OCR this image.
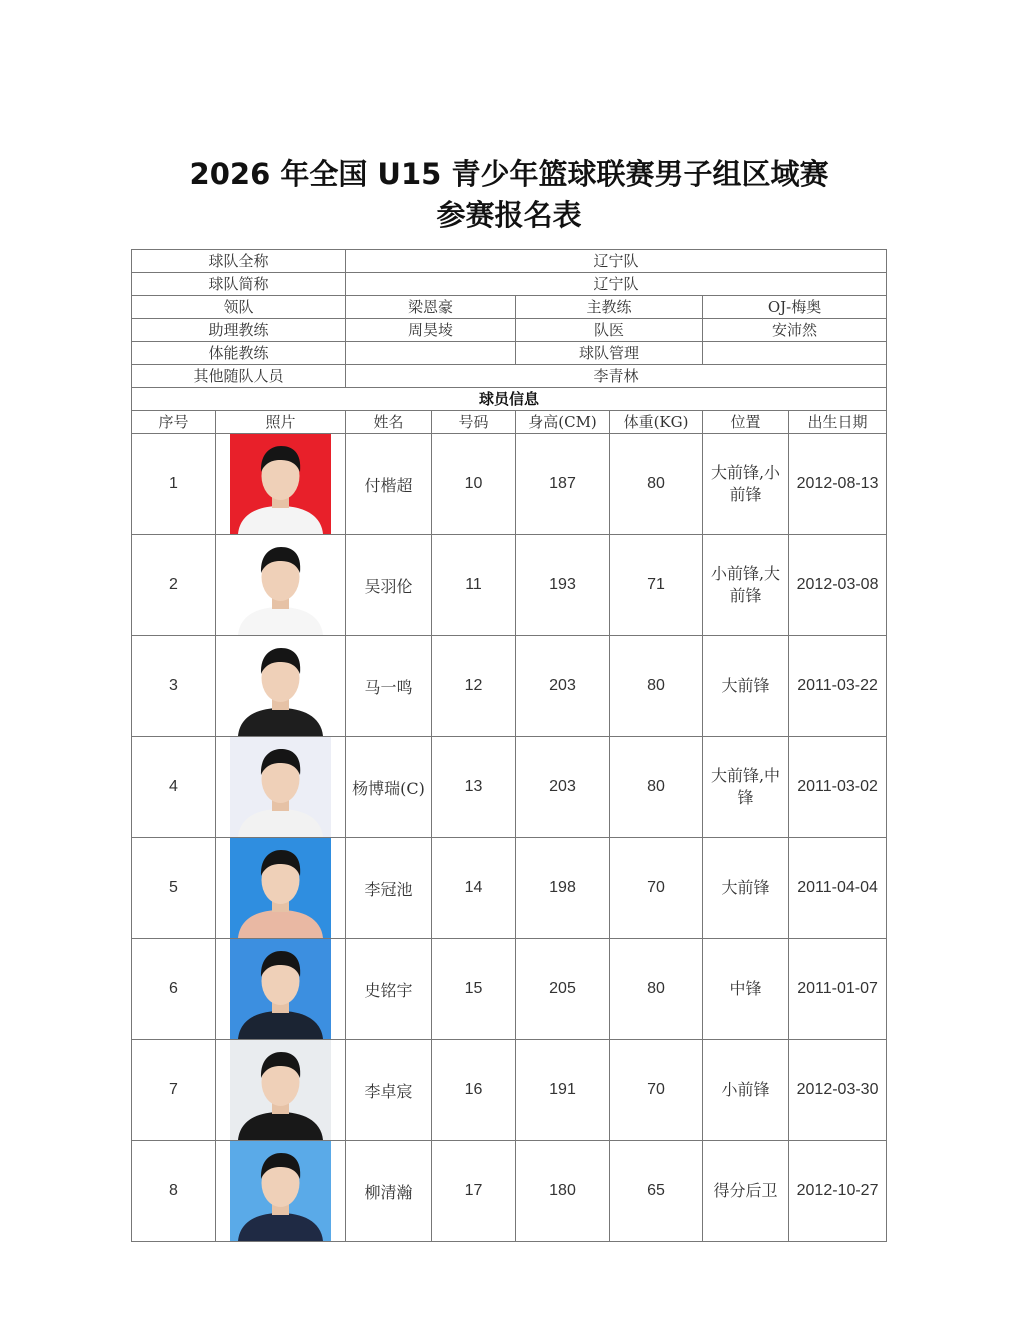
2026 年全国 U15 青少年篮球联赛男子组区域赛
参赛报名表
球队全称		辽宁队					
球队简称		辽宁队					
领队		梁恩豪		主教练		OJ-梅奥	
助理教练		周昊堎		队医		安沛然	
体能教练				球队管理			
其他随队人员		李青林					
球员信息							
序号	照片	姓名	号码	身高(CM)	体重(KG)	位置	出生日期
1		付楷超	10	187	80	大前锋,小前锋	2012-08-13
2		吴羽伦	11	193	71	小前锋,大前锋	2012-03-08
3		马一鸣	12	203	80	大前锋	2011-03-22
4		杨博瑞(C)	13	203	80	大前锋,中锋	2011-03-02
5		李冠池	14	198	70	大前锋	2011-04-04
6		史铭宇	15	205	80	中锋	2011-01-07
7		李卓宸	16	191	70	小前锋	2012-03-30
8		柳清瀚	17	180	65	得分后卫	2012-10-27
